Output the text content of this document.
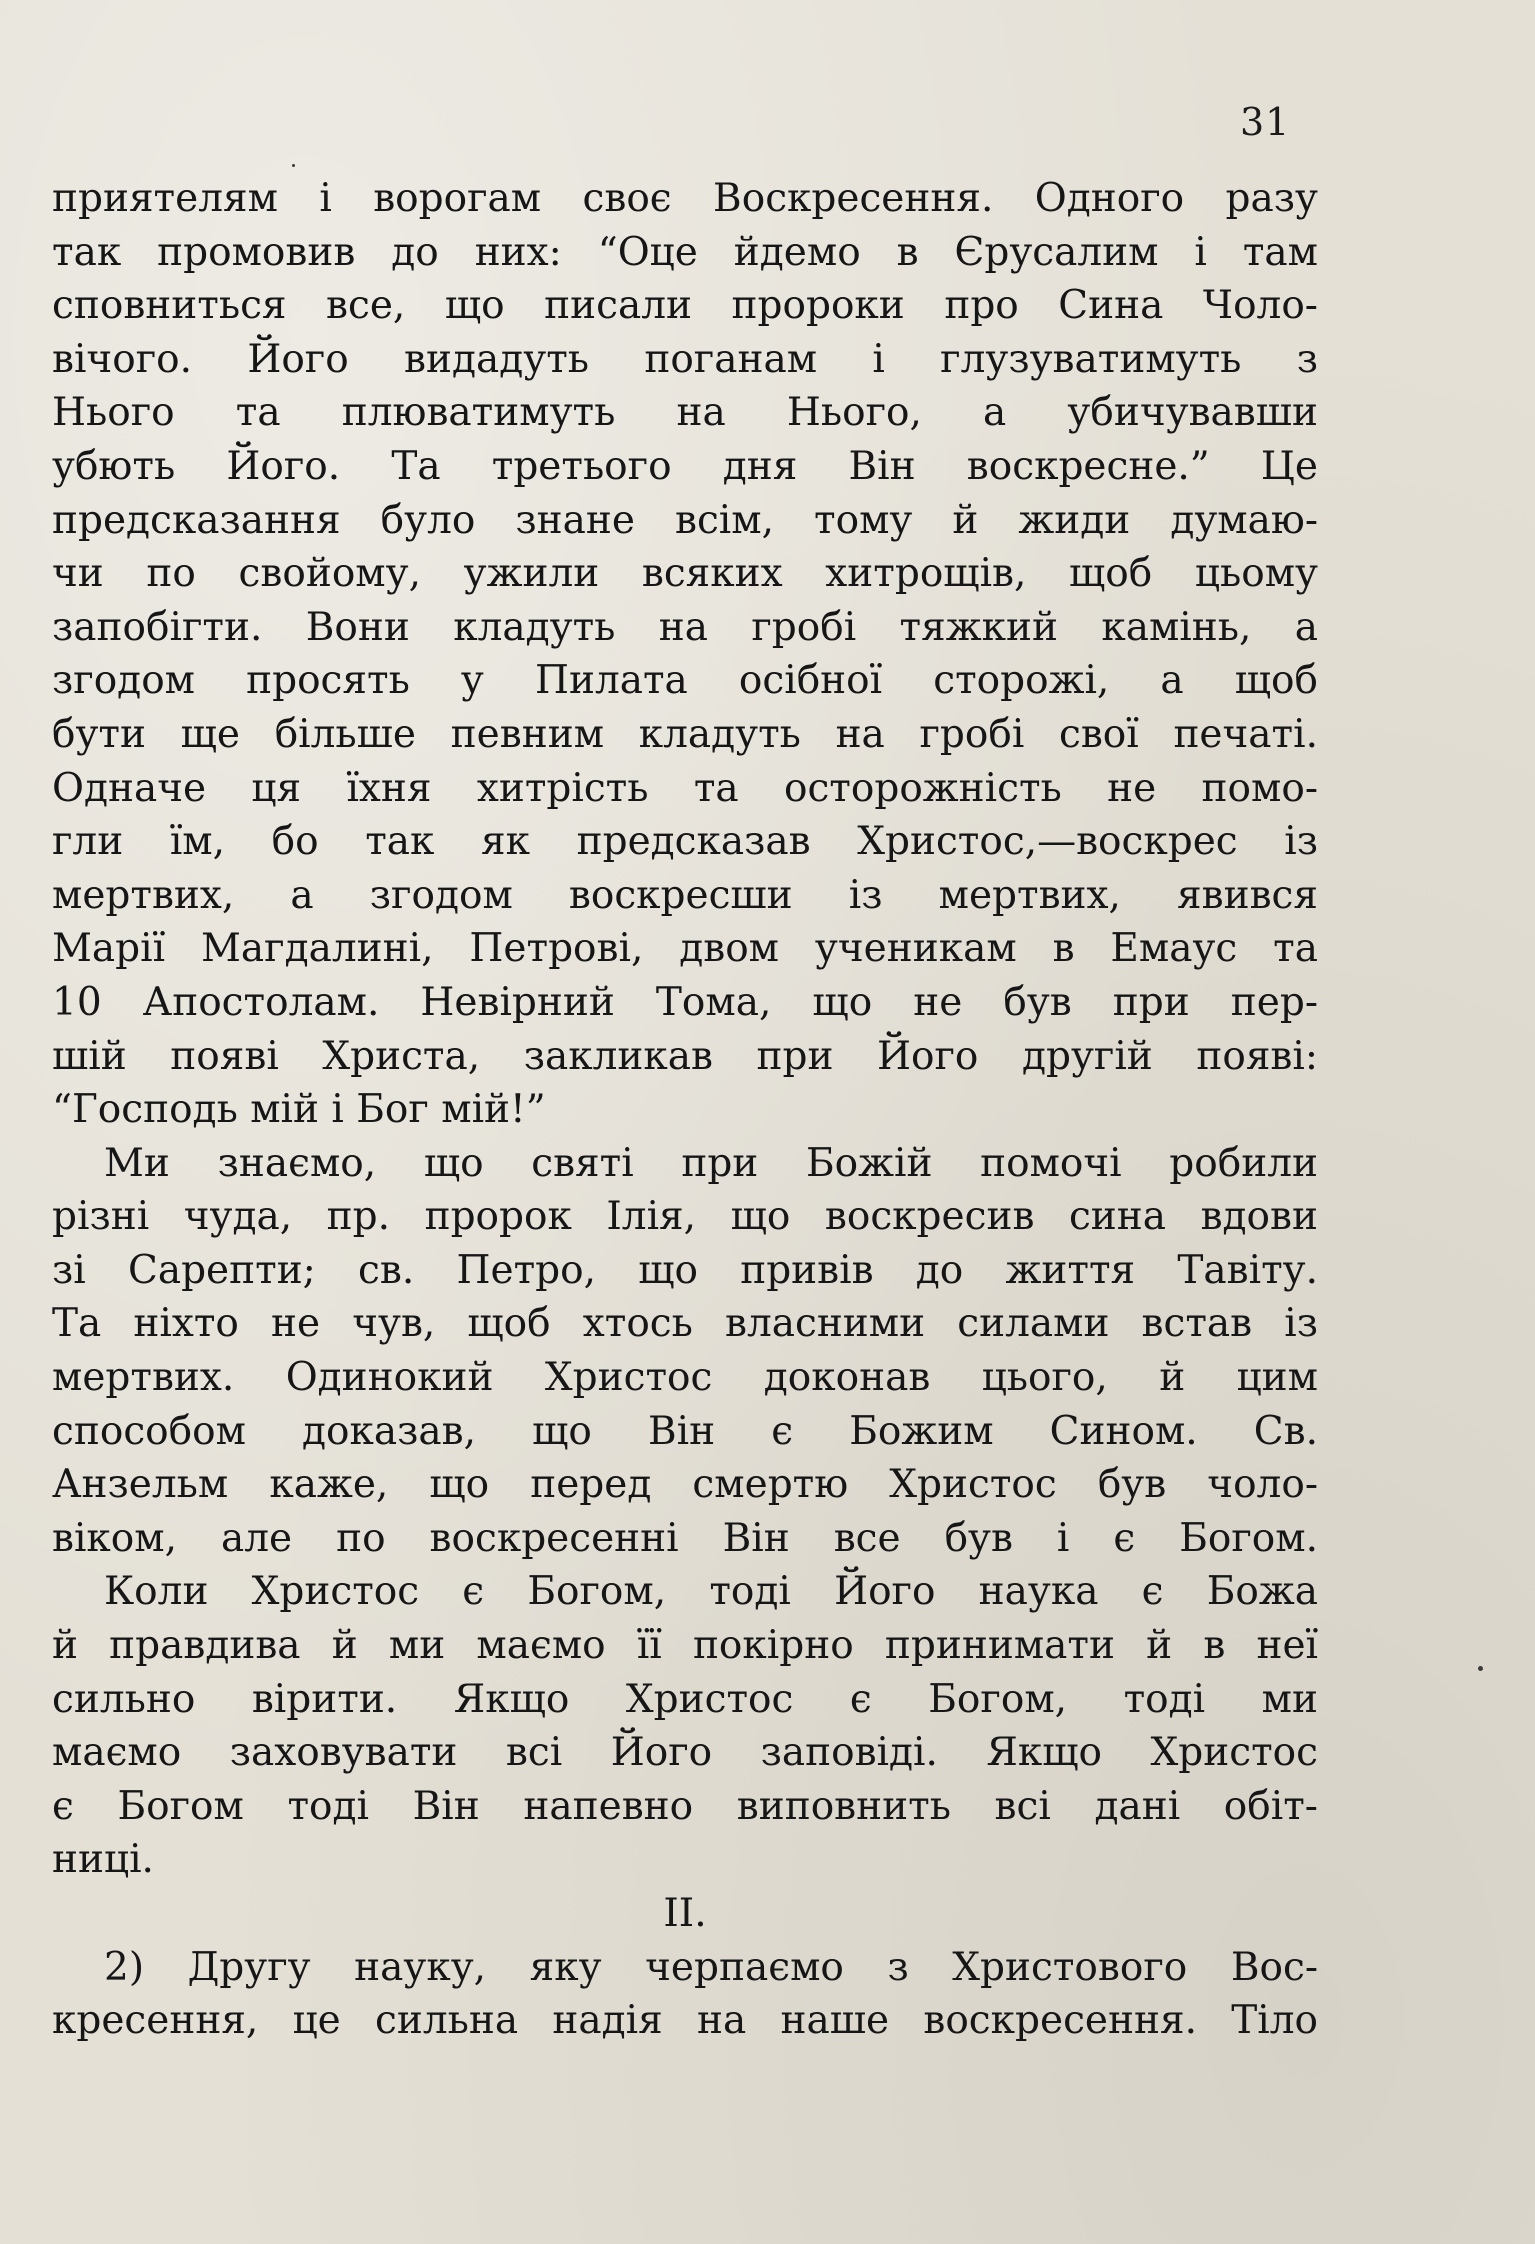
31
приятелям і ворогам своє Воскресення. Одного разу
так промовив до них: “Оце йдемо в Єрусалим і там
сповниться все, що писали пророки про Сина Чоло-
вічого. Його видадуть поганам і глузуватимуть з
Нього та плюватимуть на Нього, а убичувавши
убють Його. Та третього дня Він воскресне.” Це
предсказання було знане всім, тому й жиди думаю-
чи по свойому, ужили всяких хитрощів, щоб цьому
запобігти. Вони кладуть на гробі тяжкий камінь, а
згодом просять у Пилата осібної сторожі, а щоб
бути ще більше певним кладуть на гробі свої печаті.
Одначе ця їхня хитрість та осторожність не помо-
гли їм, бо так як предсказав Христос,—воскрес із
мертвих, а згодом воскресши із мертвих, явився
Марії Магдалині, Петрові, двом ученикам в Емаус та
10 Апостолам. Невірний Тома, що не був при пер-
шій появі Христа, закликав при Його другій появі:
“Господь мій і Бог мій!”
Ми знаємо, що святі при Божій помочі робили
різні чуда, пр. пророк Ілія, що воскресив сина вдови
зі Сарепти; св. Петро, що привів до життя Тавіту.
Та ніхто не чув, щоб хтось власними силами встав із
мертвих. Одинокий Христос доконав цього, й цим
способом доказав, що Він є Божим Сином. Св.
Анзельм каже, що перед смертю Христос був чоло-
віком, але по воскресенні Він все був і є Богом.
Коли Христос є Богом, тоді Його наука є Божа
й правдива й ми маємо її покірно принимати й в неї
сильно вірити. Якщо Христос є Богом, тоді ми
маємо заховувати всі Його заповіді. Якщо Христос
є Богом тоді Він напевно виповнить всі дані обіт-
ниці.
II.
2) Другу науку, яку черпаємо з Христового Вос-
кресення, це сильна надія на наше воскресення. Тіло
